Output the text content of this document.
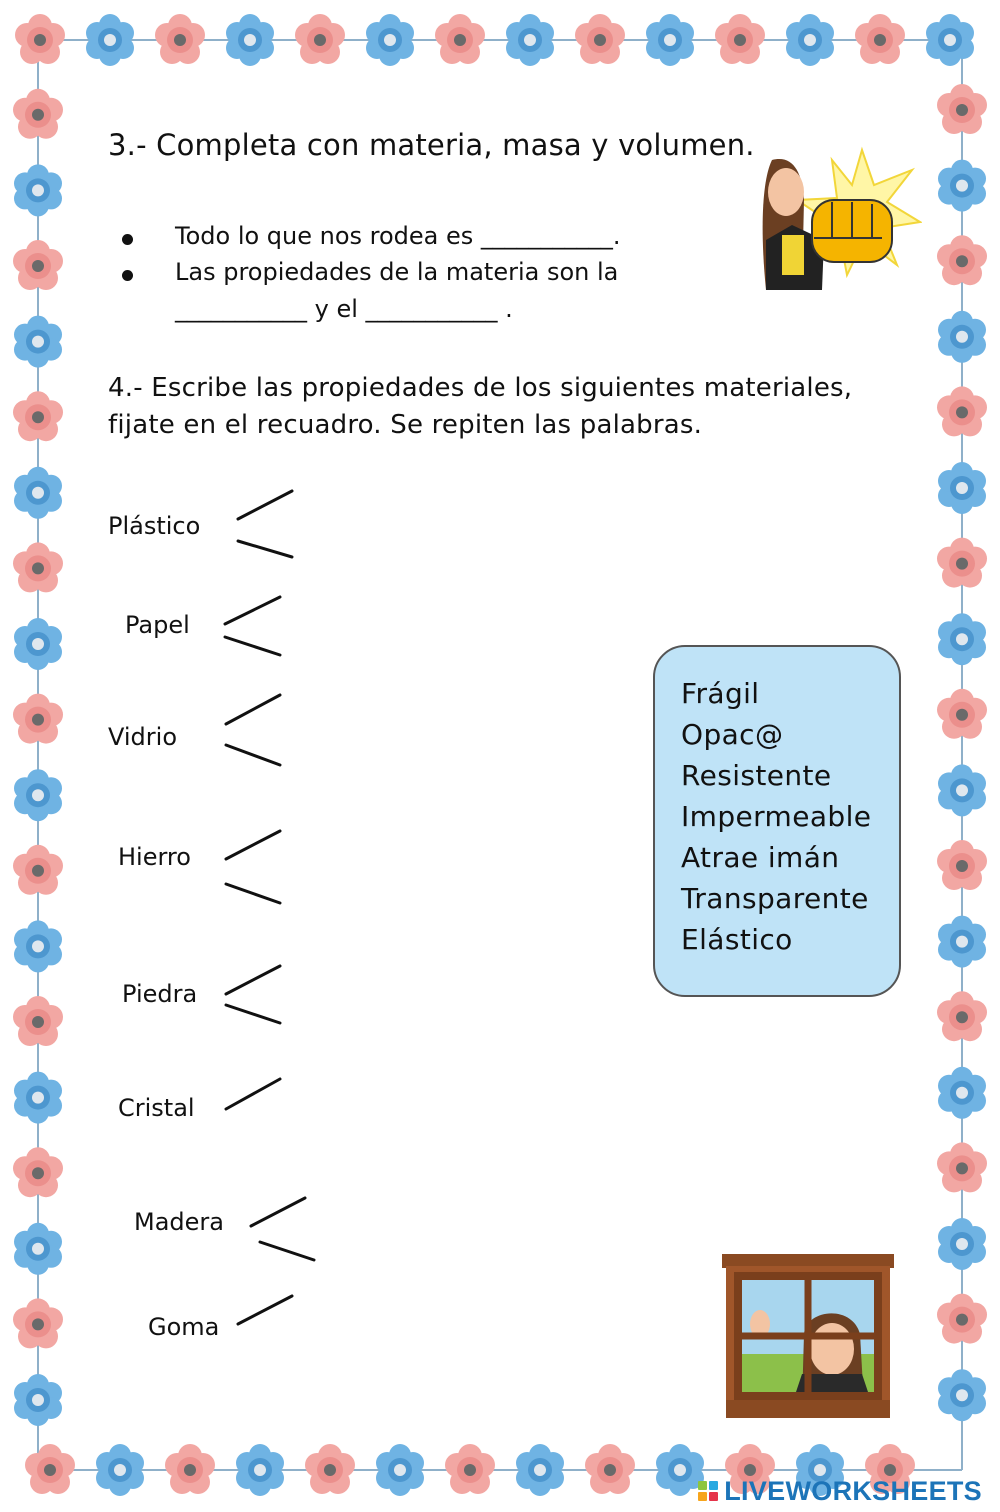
3.- Completa con materia, masa y volumen.
Todo lo que nos rodea es ___________.
Las propiedades de la materia son la
___________ y el ___________ .
4.- Escribe las propiedades de los siguientes materiales,
fijate en el recuadro. Se repiten las palabras.
Plástico
Papel
Vidrio
Hierro
Piedra
Cristal
Madera
Goma
Frágil
Opac@
Resistente
Impermeable
Atrae imán
Transparente
Elástico
LIVEWORKSHEETS
